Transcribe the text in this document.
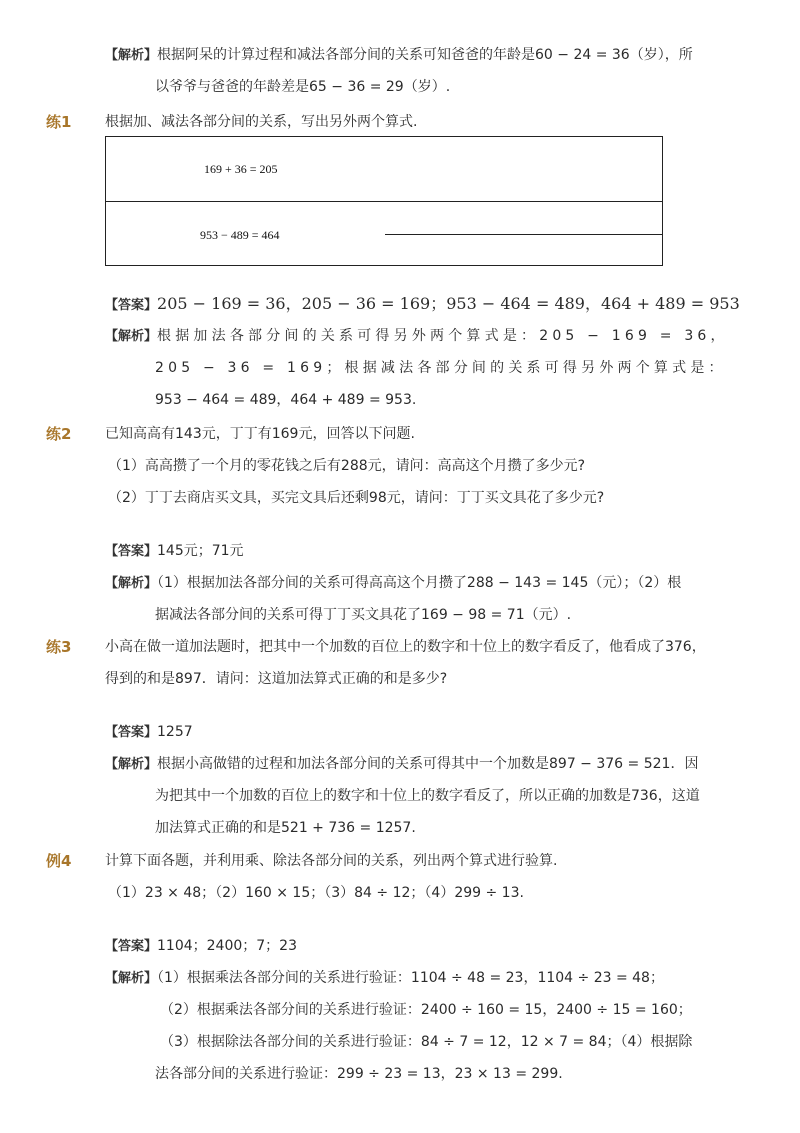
【解析】根据阿呆的计算过程和减法各部分间的关系可知爸爸的年龄是60 − 24 = 36（岁），所
以爷爷与爸爸的年龄差是65 − 36 = 29（岁）.
练1 根据加、减法各部分间的关系，写出另外两个算式.
169 + 36 = 205
953 − 489 = 464
【答案】205 − 169 = 36，205 − 36 = 169；953 − 464 = 489，464 + 489 = 953
【解析】根据加法各部分间的关系可得另外两个算式是：205 − 169 = 36，
205 − 36 = 169；根据减法各部分间的关系可得另外两个算式是：
953 − 464 = 489，464 + 489 = 953.
练2 已知高高有143元，丁丁有169元，回答以下问题.
（1）高高攒了一个月的零花钱之后有288元，请问：高高这个月攒了多少元?
（2）丁丁去商店买文具，买完文具后还剩98元，请问：丁丁买文具花了多少元?
【答案】145元；71元
【解析】（1）根据加法各部分间的关系可得高高这个月攒了288 − 143 = 145（元）；（2）根
据减法各部分间的关系可得丁丁买文具花了169 − 98 = 71（元）.
练3 小高在做一道加法题时，把其中一个加数的百位上的数字和十位上的数字看反了，他看成了376，
得到的和是897．请问：这道加法算式正确的和是多少?
【答案】1257
【解析】根据小高做错的过程和加法各部分间的关系可得其中一个加数是897 − 376 = 521．因
为把其中一个加数的百位上的数字和十位上的数字看反了，所以正确的加数是736，这道
加法算式正确的和是521 + 736 = 1257.
例4 计算下面各题，并利用乘、除法各部分间的关系，列出两个算式进行验算.
（1）23 × 48；（2）160 × 15；（3）84 ÷ 12；（4）299 ÷ 13.
【答案】1104；2400；7；23
【解析】（1）根据乘法各部分间的关系进行验证：1104 ÷ 48 = 23，1104 ÷ 23 = 48；
（2）根据乘法各部分间的关系进行验证：2400 ÷ 160 = 15，2400 ÷ 15 = 160；
（3）根据除法各部分间的关系进行验证：84 ÷ 7 = 12，12 × 7 = 84；（4）根据除
法各部分间的关系进行验证：299 ÷ 23 = 13，23 × 13 = 299.
